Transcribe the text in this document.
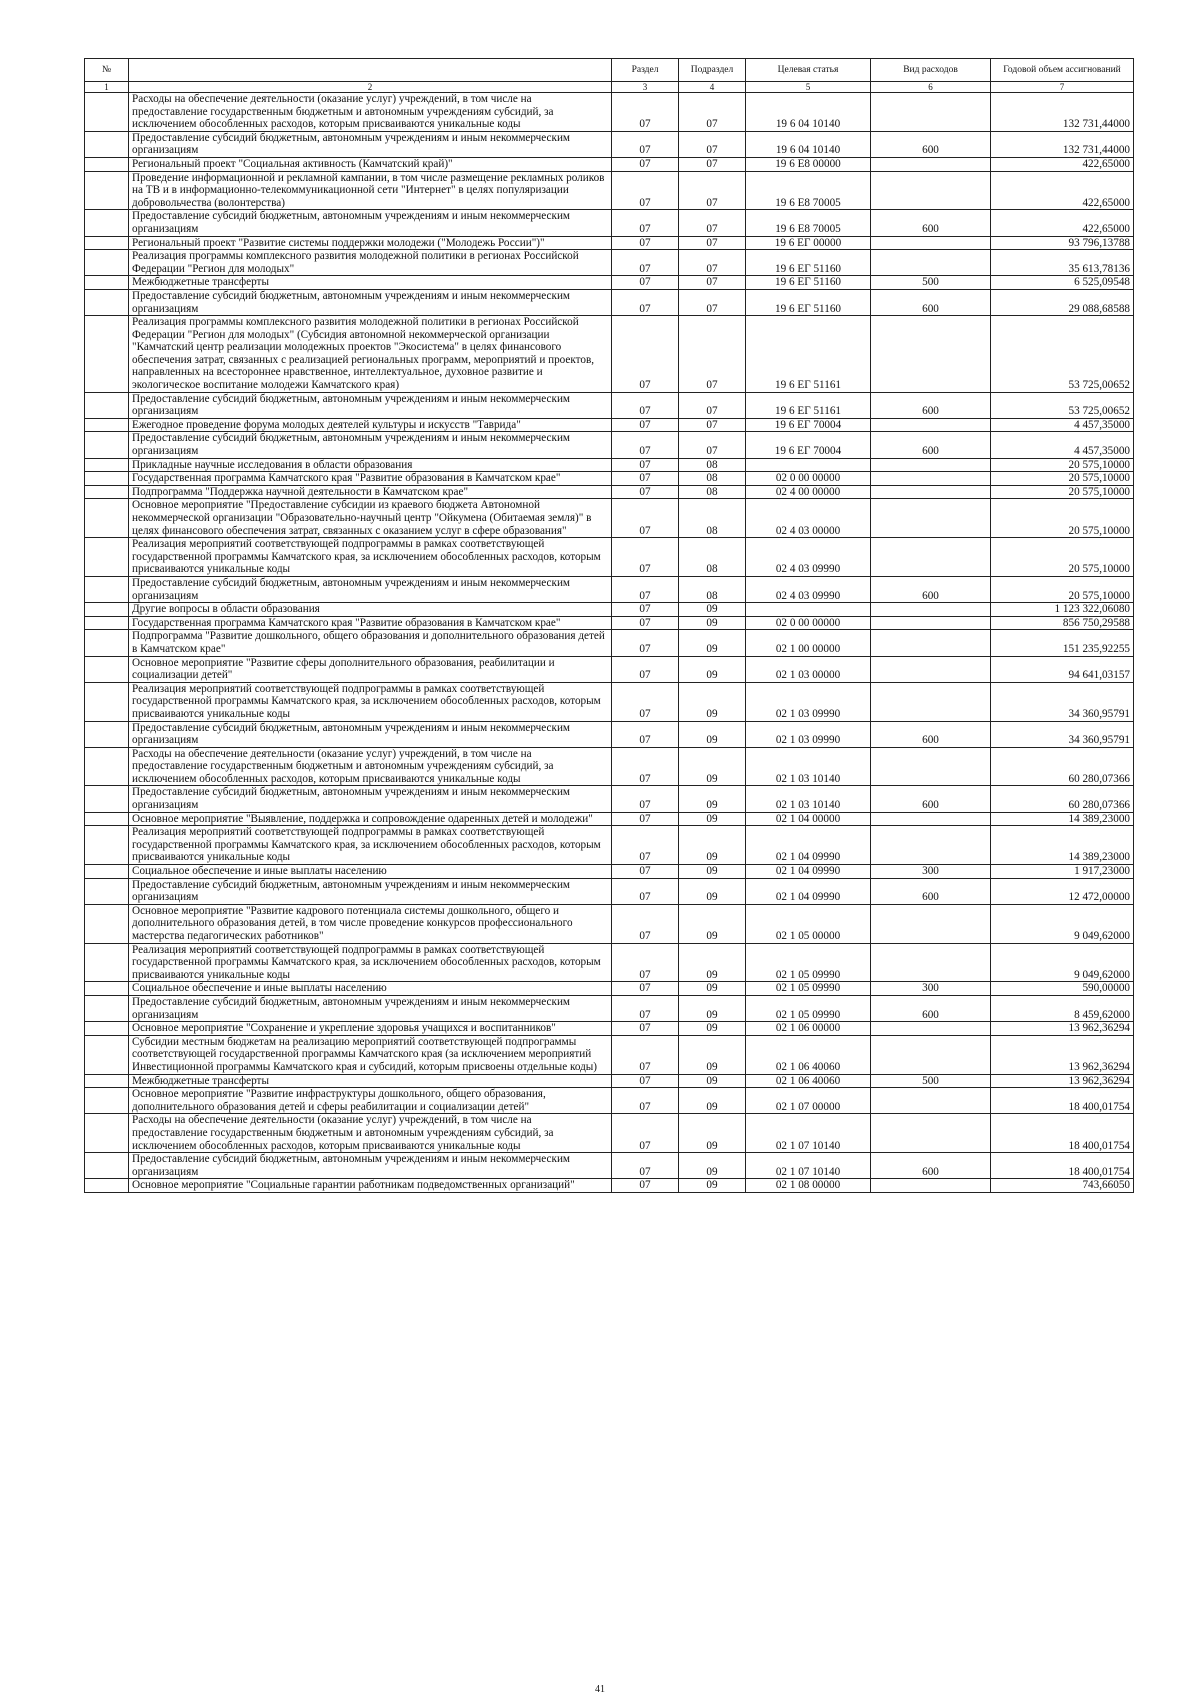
№		Раздел	Подраздел	Целевая статья	Вид расходов	Годовой объем ассигнований
1	2	3	4	5	6	7
	Расходы на обеспечение деятельности (оказание услуг) учреждений, в том числе на предоставление государственным бюджетным и автономным учреждениям субсидий, за исключением обособленных расходов, которым присваиваются уникальные коды	07	07	19 6 04 10140		132 731,44000
	Предоставление субсидий бюджетным, автономным учреждениям и иным некоммерческим организациям	07	07	19 6 04 10140	600	132 731,44000
	Региональный проект "Социальная активность (Камчатский край)"	07	07	19 6 E8 00000		422,65000
	Проведение информационной и рекламной кампании, в том числе размещение рекламных роликов на ТВ и в информационно-телекоммуникационной сети "Интернет" в целях популяризации добровольчества (волонтерства)	07	07	19 6 E8 70005		422,65000
	Предоставление субсидий бюджетным, автономным учреждениям и иным некоммерческим организациям	07	07	19 6 E8 70005	600	422,65000
	Региональный проект "Развитие системы поддержки молодежи ("Молодежь России")"	07	07	19 6 ЕГ 00000		93 796,13788
	Реализация программы комплексного развития молодежной политики в регионах Российской Федерации "Регион для молодых"	07	07	19 6 ЕГ 51160		35 613,78136
	Межбюджетные трансферты	07	07	19 6 ЕГ 51160	500	6 525,09548
	Предоставление субсидий бюджетным, автономным учреждениям и иным некоммерческим организациям	07	07	19 6 ЕГ 51160	600	29 088,68588
	Реализация программы комплексного развития молодежной политики в регионах Российской Федерации "Регион для молодых" (Субсидия автономной некоммерческой организации "Камчатский центр реализации молодежных проектов "Экосистема" в целях финансового обеспечения затрат, связанных с реализацией региональных программ, мероприятий и проектов, направленных на всестороннее нравственное, интеллектуальное, духовное развитие и экологическое воспитание молодежи Камчатского края)	07	07	19 6 ЕГ 51161		53 725,00652
	Предоставление субсидий бюджетным, автономным учреждениям и иным некоммерческим организациям	07	07	19 6 ЕГ 51161	600	53 725,00652
	Ежегодное проведение форума молодых деятелей культуры и искусств "Таврида"	07	07	19 6 ЕГ 70004		4 457,35000
	Предоставление субсидий бюджетным, автономным учреждениям и иным некоммерческим организациям	07	07	19 6 ЕГ 70004	600	4 457,35000
	Прикладные научные исследования в области образования	07	08			20 575,10000
	Государственная программа Камчатского края "Развитие образования в Камчатском крае"	07	08	02 0 00 00000		20 575,10000
	Подпрограмма "Поддержка научной деятельности в Камчатском крае"	07	08	02 4 00 00000		20 575,10000
	Основное мероприятие "Предоставление субсидии из краевого бюджета Автономной некоммерческой организации "Образовательно-научный центр "Ойкумена (Обитаемая земля)" в целях финансового обеспечения затрат, связанных с оказанием услуг в сфере образования"	07	08	02 4 03 00000		20 575,10000
	Реализация мероприятий соответствующей подпрограммы в рамках соответствующей государственной программы Камчатского края, за исключением обособленных расходов, которым присваиваются уникальные коды	07	08	02 4 03 09990		20 575,10000
	Предоставление субсидий бюджетным, автономным учреждениям и иным некоммерческим организациям	07	08	02 4 03 09990	600	20 575,10000
	Другие вопросы в области образования	07	09			1 123 322,06080
	Государственная программа Камчатского края "Развитие образования в Камчатском крае"	07	09	02 0 00 00000		856 750,29588
	Подпрограмма "Развитие дошкольного, общего образования и дополнительного образования детей в Камчатском крае"	07	09	02 1 00 00000		151 235,92255
	Основное мероприятие "Развитие сферы дополнительного образования, реабилитации и социализации детей"	07	09	02 1 03 00000		94 641,03157
	Реализация мероприятий соответствующей подпрограммы в рамках соответствующей государственной программы Камчатского края, за исключением обособленных расходов, которым присваиваются уникальные коды	07	09	02 1 03 09990		34 360,95791
	Предоставление субсидий бюджетным, автономным учреждениям и иным некоммерческим организациям	07	09	02 1 03 09990	600	34 360,95791
	Расходы на обеспечение деятельности (оказание услуг) учреждений, в том числе на предоставление государственным бюджетным и автономным учреждениям субсидий, за исключением обособленных расходов, которым присваиваются уникальные коды	07	09	02 1 03 10140		60 280,07366
	Предоставление субсидий бюджетным, автономным учреждениям и иным некоммерческим организациям	07	09	02 1 03 10140	600	60 280,07366
	Основное мероприятие "Выявление, поддержка и сопровождение одаренных детей и молодежи"	07	09	02 1 04 00000		14 389,23000
	Реализация мероприятий соответствующей подпрограммы в рамках соответствующей государственной программы Камчатского края, за исключением обособленных расходов, которым присваиваются уникальные коды	07	09	02 1 04 09990		14 389,23000
	Социальное обеспечение и иные выплаты населению	07	09	02 1 04 09990	300	1 917,23000
	Предоставление субсидий бюджетным, автономным учреждениям и иным некоммерческим организациям	07	09	02 1 04 09990	600	12 472,00000
	Основное мероприятие "Развитие кадрового потенциала системы дошкольного, общего и дополнительного образования детей, в том числе проведение конкурсов профессионального мастерства педагогических работников"	07	09	02 1 05 00000		9 049,62000
	Реализация мероприятий соответствующей подпрограммы в рамках соответствующей государственной программы Камчатского края, за исключением обособленных расходов, которым присваиваются уникальные коды	07	09	02 1 05 09990		9 049,62000
	Социальное обеспечение и иные выплаты населению	07	09	02 1 05 09990	300	590,00000
	Предоставление субсидий бюджетным, автономным учреждениям и иным некоммерческим организациям	07	09	02 1 05 09990	600	8 459,62000
	Основное мероприятие "Сохранение и укрепление здоровья учащихся и воспитанников"	07	09	02 1 06 00000		13 962,36294
	Субсидии местным бюджетам на реализацию мероприятий соответствующей подпрограммы соответствующей государственной программы Камчатского края (за исключением мероприятий Инвестиционной программы Камчатского края и субсидий, которым присвоены отдельные коды)	07	09	02 1 06 40060		13 962,36294
	Межбюджетные трансферты	07	09	02 1 06 40060	500	13 962,36294
	Основное мероприятие "Развитие инфраструктуры дошкольного, общего образования, дополнительного образования детей и сферы реабилитации и социализации детей"	07	09	02 1 07 00000		18 400,01754
	Расходы на обеспечение деятельности (оказание услуг) учреждений, в том числе на предоставление государственным бюджетным и автономным учреждениям субсидий, за исключением обособленных расходов, которым присваиваются уникальные коды	07	09	02 1 07 10140		18 400,01754
	Предоставление субсидий бюджетным, автономным учреждениям и иным некоммерческим организациям	07	09	02 1 07 10140	600	18 400,01754
	Основное мероприятие "Социальные гарантии работникам подведомственных организаций"	07	09	02 1 08 00000		743,66050
41
